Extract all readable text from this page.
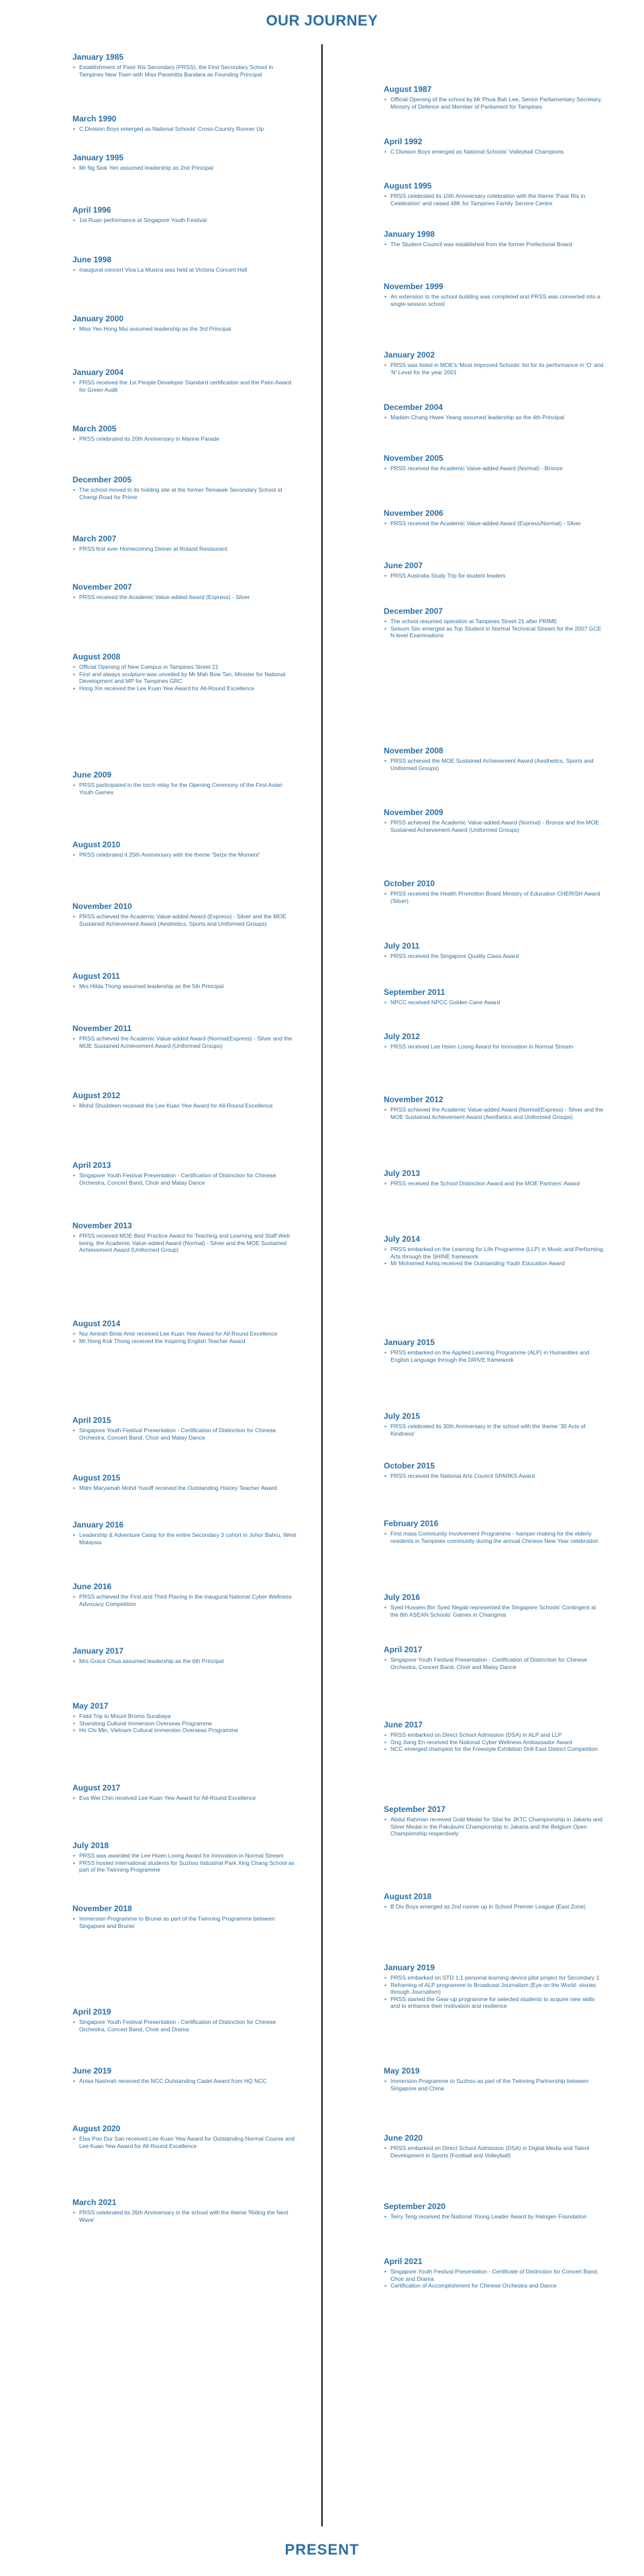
OUR JOURNEY
January 1985
• Establishment of Pasir Ris Secondary (PRSS), the First Secondary School in Tampines New Town with Miss Paramitta Bandara as Founding Principal
March 1990
• C Division Boys emerged as National Schools' Cross-Country Runner Up
January 1995
• Mr Ng Siok Yen assumed leadership as 2nd Principal
April 1996
• 1st Ruan performance at Singapore Youth Festival
June 1998
• Inaugural concert Viva La Musica was held at Victoria Concert Hall
January 2000
• Miss Yeo Hong Mui assumed leadership as the 3rd Principal
January 2004
• PRSS received the 1st People Developer Standard certification and the Palm Award for Green Audit
March 2005
• PRSS celebrated its 20th Anniversary in Marine Parade
December 2005
• The school moved to its holding site at the former Temasek Secondary School at Changi Road for Prime
March 2007
• PRSS first ever Homecoming Dinner at Roland Restaurant
November 2007
• PRSS received the Academic Value-added Award (Express) - Silver
August 2008
• Official Opening of New Campus in Tampines Street 21
• First and always sculpture was unveiled by Mr Mah Bow Tan, Minister for National Development and MP for Tampines GRC
• Hong Xin received the Lee Kuan Yew Award for All-Round Excellence
June 2009
• PRSS participated in the torch relay for the Opening Ceremony of the First Asian Youth Games
August 2010
• PRSS celebrated it 25th Anniversary with the theme 'Seize the Moment'
November 2010
• PRSS achieved the Academic Value-added Award (Express) - Silver and the MOE Sustained Achievement Award (Aesthetics, Sports and Uniformed Groups)
August 2011
• Mrs Hilda Thong assumed leadership as the 5th Principal
November 2011
• PRSS achieved the Academic Value-added Award (Normal(Express) - Silver and the MOE Sustained Achievement Award (Uniformed Groups)
August 2012
• Mohd Shuddeen received the Lee Kuan Yew Award for All-Round Excellence
April 2013
• Singapore Youth Festival Presentation - Certification of Distinction for Chinese Orchestra, Concert Band, Choir and Malay Dance
November 2013
• PRSS received MOE Best Practice Award for Teaching and Learning and Staff Well-being, the Academic Value-added Award (Normal) - Silver and the MOE Sustained Achievement Award (Uniformed Group)
August 2014
• Nur Amirah Binte Amir received Lee Kuan Yew Award for All-Round Excellence
• Mr Hong Kok Thong received the Inspiring English Teacher Award
April 2015
• Singapore Youth Festival Presentation - Certification of Distinction for Chinese Orchestra, Concert Band, Choir and Malay Dance
August 2015
• Mdm Maryamah Mohd Yusoff received the Outstanding History Teacher Award
January 2016
• Leadership & Adventure Camp for the entire Secondary 3 cohort in Johor Bahru, West Malaysia
June 2016
• PRSS achieved the First and Third Placing in the inaugural National Cyber Wellness Advocacy Competition
January 2017
• Mrs Grace Chua assumed leadership as the 6th Principal
May 2017
• Field Trip to Mount Bromo Surabaya
• Shandong Cultural Immersion Overseas Programme
• Ho Chi Min, Vietnam Cultural Immersion Overseas Programme
August 2017
• Eva Wei Chin received Lee Kuan Yew Award for All-Round Excellence
July 2018
• PRSS was awarded the Lee Hsien Loong Award for Innovation in Normal Stream
• PRSS hosted international students for Suzhou Industrial Park Xing Chang School as part of the Twinning Programme
November 2018
• Immersion Programme to Brunei as part of the Twinning Programme between Singapore and Brunei
April 2019
• Singapore Youth Festival Presentation - Certification of Distinction for Chinese Orchestra, Concert Band, Choir and Drama
June 2019
• Anisa Nashrah received the NCC Outstanding Cadet Award from HQ NCC
August 2020
• Elsa Poo Dur San received Lee Kuan Yew Award for Outstanding Normal Course and Lee Kuan Yew Award for All-Round Excellence
March 2021
• PRSS celebrated its 35th Anniversary in the school with the theme 'Riding the Next Wave'
August 1987
• Official Opening of the school by Mr Phua Bah Lee, Senior Parliamentary Secretary, Ministry of Defence and Member of Parliament for Tampines
April 1992
• C Division Boys emerged as National Schools' Volleyball Champions
August 1995
• PRSS celebrated its 10th Anniversary celebration with the theme 'Pasir Ris in Celebration' and raised 48K for Tampines Family Service Centre
January 1998
• The Student Council was established from the former Prefectorial Board
November 1999
• An extension to the school building was completed and PRSS was converted into a single-session school
January 2002
• PRSS was listed in MOE's 'Most Improved Schools' list for its performance in 'O' and 'N' Level for the year 2001
December 2004
• Madam Chang Hwee Yeang assumed leadership as the 4th Principal
November 2005
• PRSS received the Academic Value-added Award (Normal) - Bronze
November 2006
• PRSS received the Academic Value-added Award (Express/Normal) - Silver
June 2007
• PRSS Australia Study Trip for student leaders
December 2007
• The school resumed operation at Tampines Street 21 after PRIME
• Selvum Siin emerged as Top Student in Normal Technical Stream for the 2007 GCE N level Examinations
November 2008
• PRSS achieved the MOE Sustained Achievement Award (Aesthetics, Sports and Uniformed Groups)
November 2009
• PRSS achieved the Academic Value-added Award (Normal) - Bronze and the MOE Sustained Achievement Award (Uniformed Groups)
October 2010
• PRSS received the Health Promotion Board Ministry of Education CHERISH Award (Silver)
July 2011
• PRSS received the Singapore Quality Class Award
September 2011
• NPCC received NPCC Golden Cane Award
July 2012
• PRSS received Lee Hsien Loong Award for Innovation in Normal Stream
November 2012
• PRSS achieved the Academic Value-added Award (Normal(Express) - Silver and the MOE Sustained Achievement Award (Aesthetics and Uniformed Groups)
July 2013
• PRSS received the School Distinction Award and the MOE Partners' Award
July 2014
• PRSS embarked on the Learning for Life Programme (LLP) in Music and Performing Arts through the SHINE framework
• Mr Mohamed Ashiq received the Outstanding Youth Education Award
January 2015
• PRSS embarked on the Applied Learning Programme (ALP) in Humanities and English Language through the DRIVE framework
July 2015
• PRSS celebrated its 30th Anniversary in the school with the theme '30 Acts of Kindness'
October 2015
• PRSS received the National Arts Council SPARKS Award
February 2016
• First mass Community Involvement Programme - hamper-making for the elderly residents in Tampines community during the annual Chinese New Year celebration
July 2016
• Syed Hussein Bin Syed Negab represented the Singapore Schools' Contingent at the 8th ASEAN Schools' Games in Chiangmai
April 2017
• Singapore Youth Festival Presentation - Certification of Distinction for Chinese Orchestra, Concert Band, Choir and Malay Dance
June 2017
• PRSS embarked on Direct School Admission (DSA) in ALP and LLP
• Ong Jiang En received the National Cyber Wellness Ambassador Award
• NCC emerged champion for the Freestyle Exhibition Drill East District Competition
September 2017
• Abdul Rahman received Gold Medal for Silat for JKTC Championship in Jakarta and Silver Medal in the Pakubumi Championship in Jakarta and the Belgium Open Championship respectively
August 2018
• B Div Boys emerged as 2nd runner up in School Premier League (East Zone)
January 2019
• PRSS embarked on STD 1:1 personal learning device pilot project for Secondary 1
• Reframing of ALP programme to Broadcast Journalism (Eye on the World- stories through Journalism)
• PRSS started the Gear-up programme for selected students to acquire new skills and to enhance their motivation and resilience
May 2019
• Immersion Programme to Suzhou as part of the Twinning Partnership between Singapore and China
June 2020
• PRSS embarked on Direct School Admission (DSA) in Digital Media and Talent Development in Sports (Football and Volleyball)
September 2020
• Terry Teng received the National Young Leader Award by Halogen Foundation
April 2021
• Singapore Youth Festival Presentation - Certificate of Distinction for Concert Band, Choir and Drama
• Certification of Accomplishment for Chinese Orchestra and Dance
PRESENT
